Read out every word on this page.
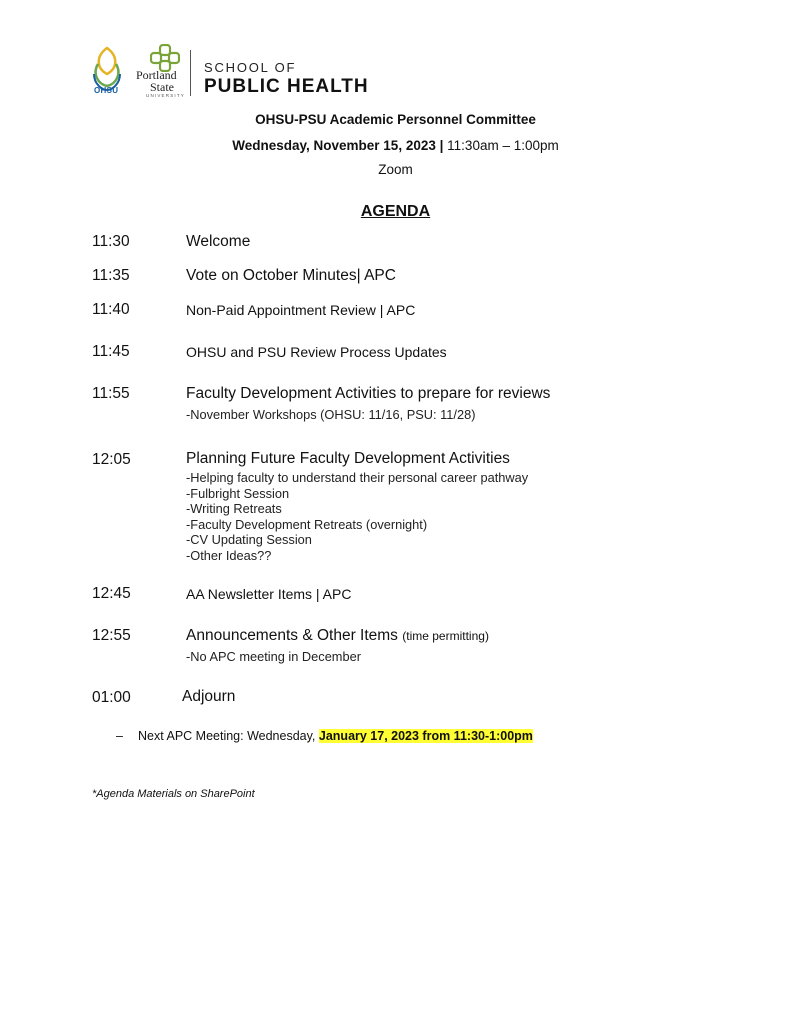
OHSU
Portland
State
UNIVERSITY
SCHOOL OF
PUBLIC HEALTH
OHSU-PSU Academic Personnel Committee
Wednesday, November 15, 2023 | 11:30am – 1:00pm
Zoom
AGENDA
11:30	Welcome
11:35	Vote on October Minutes| APC
11:40	Non-Paid Appointment Review | APC
11:45	OHSU and PSU Review Process Updates
11:55	Faculty Development Activities to prepare for reviews
-November Workshops (OHSU: 11/16, PSU: 11/28)
12:05	Planning Future Faculty Development Activities
-Helping faculty to understand their personal career pathway
-Fulbright Session
-Writing Retreats
-Faculty Development Retreats (overnight)
-CV Updating Session
-Other Ideas??
12:45	AA Newsletter Items | APC
12:55	Announcements & Other Items (time permitting)
-No APC meeting in December
01:00	Adjourn
– Next APC Meeting: Wednesday, January 17, 2023 from 11:30-1:00pm
*Agenda Materials on SharePoint
